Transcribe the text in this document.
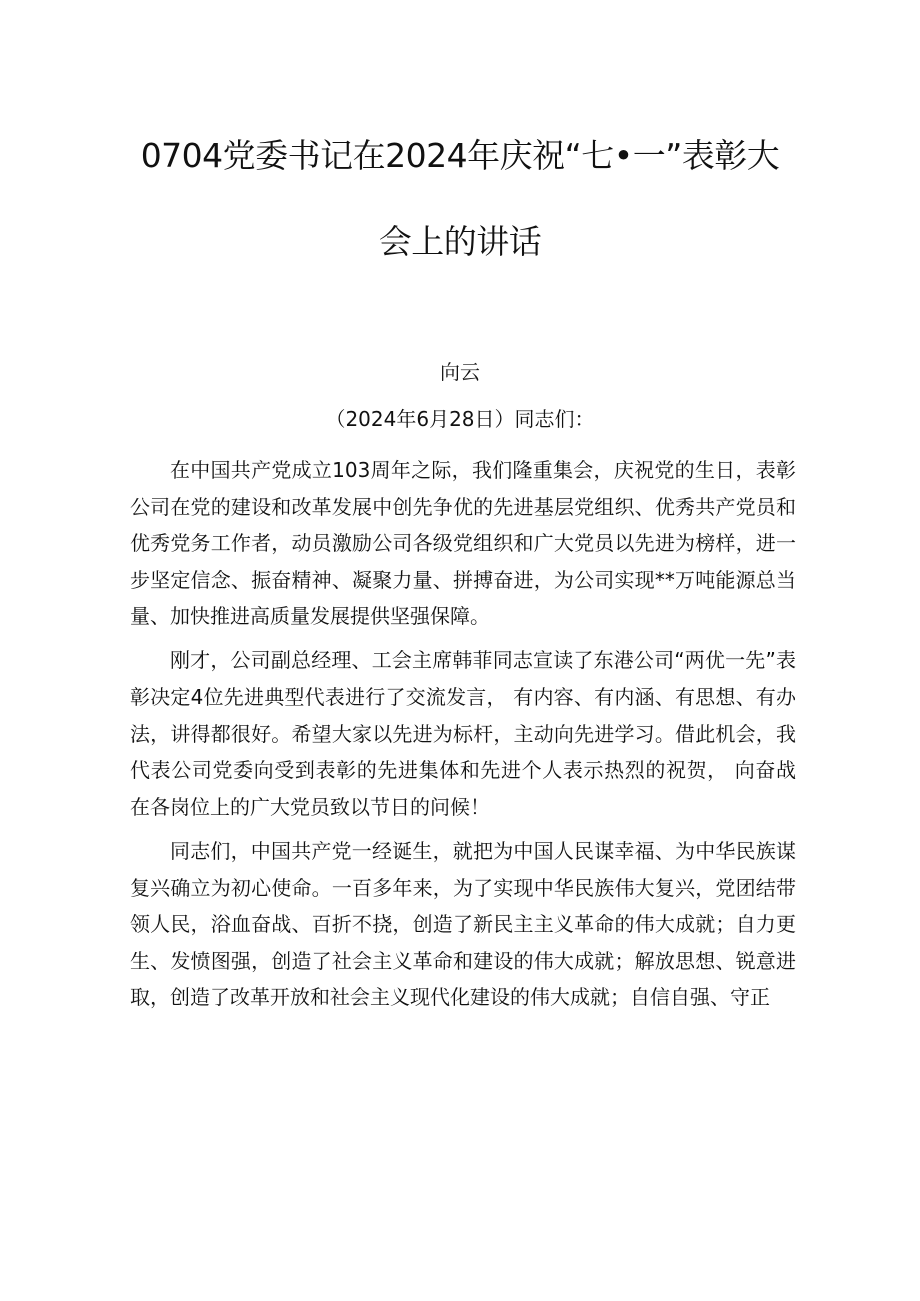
0704党委书记在2024年庆祝“七•一”表彰大
会上的讲话
向云
（2024年6月28日）同志们：

在中国共产党成立103周年之际，我们隆重集会，庆祝党的生日，表彰公司在党的建设和改革发展中创先争优的先进基层党组织、优秀共产党员和优秀党务工作者，动员激励公司各级党组织和广大党员以先进为榜样，进一步坚定信念、振奋精神、凝聚力量、拼搏奋进，为公司实现**万吨能源总当量、加快推进高质量发展提供坚强保障。

刚才，公司副总经理、工会主席韩菲同志宣读了东港公司“两优一先”表彰决定4位先进典型代表进行了交流发言， 有内容、有内涵、有思想、有办法，讲得都很好。希望大家以先进为标杆，主动向先进学习。借此机会，我代表公司党委向受到表彰的先进集体和先进个人表示热烈的祝贺， 向奋战在各岗位上的广大党员致以节日的问候！

同志们，中国共产党一经诞生，就把为中国人民谋幸福、为中华民族谋复兴确立为初心使命。一百多年来，为了实现中华民族伟大复兴，党团结带领人民，浴血奋战、百折不挠，创造了新民主主义革命的伟大成就；自力更生、发愤图强，创造了社会主义革命和建设的伟大成就；解放思想、锐意进取，创造了改革开放和社会主义现代化建设的伟大成就；自信自强、守正
